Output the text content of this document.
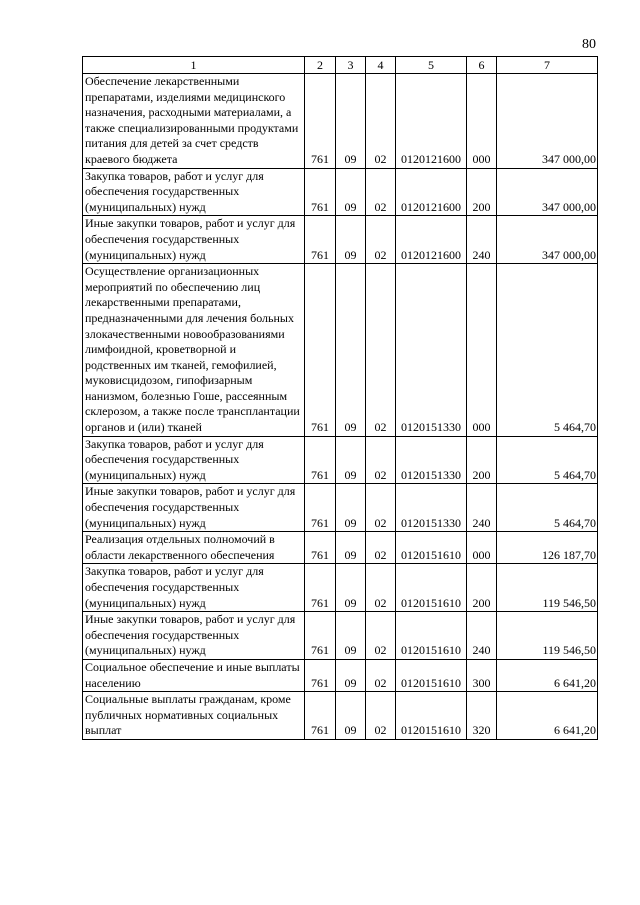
80
1	2	3	4	5	6	7
Обеспечение лекарственными препаратами, изделиями медицинского назначения, расходными материалами, а также специализированными продуктами питания для детей за счет средств краевого бюджета	761	09	02	0120121600	000	347 000,00
Закупка товаров, работ и услуг для обеспечения государственных (муниципальных) нужд	761	09	02	0120121600	200	347 000,00
Иные закупки товаров, работ и услуг для обеспечения государственных (муниципальных) нужд	761	09	02	0120121600	240	347 000,00
Осуществление организационных мероприятий по обеспечению лиц лекарственными препаратами, предназначенными для лечения больных злокачественными новообразованиями лимфоидной, кроветворной и родственных им тканей, гемофилией, муковисцидозом, гипофизарным нанизмом, болезнью Гоше, рассеянным склерозом, а также после трансплантации органов и (или) тканей	761	09	02	0120151330	000	5 464,70
Закупка товаров, работ и услуг для обеспечения государственных (муниципальных) нужд	761	09	02	0120151330	200	5 464,70
Иные закупки товаров, работ и услуг для обеспечения государственных (муниципальных) нужд	761	09	02	0120151330	240	5 464,70
Реализация отдельных полномочий в области лекарственного обеспечения	761	09	02	0120151610	000	126 187,70
Закупка товаров, работ и услуг для обеспечения государственных (муниципальных) нужд	761	09	02	0120151610	200	119 546,50
Иные закупки товаров, работ и услуг для обеспечения государственных (муниципальных) нужд	761	09	02	0120151610	240	119 546,50
Социальное обеспечение и иные выплаты населению	761	09	02	0120151610	300	6 641,20
Социальные выплаты гражданам, кроме публичных нормативных социальных выплат	761	09	02	0120151610	320	6 641,20
